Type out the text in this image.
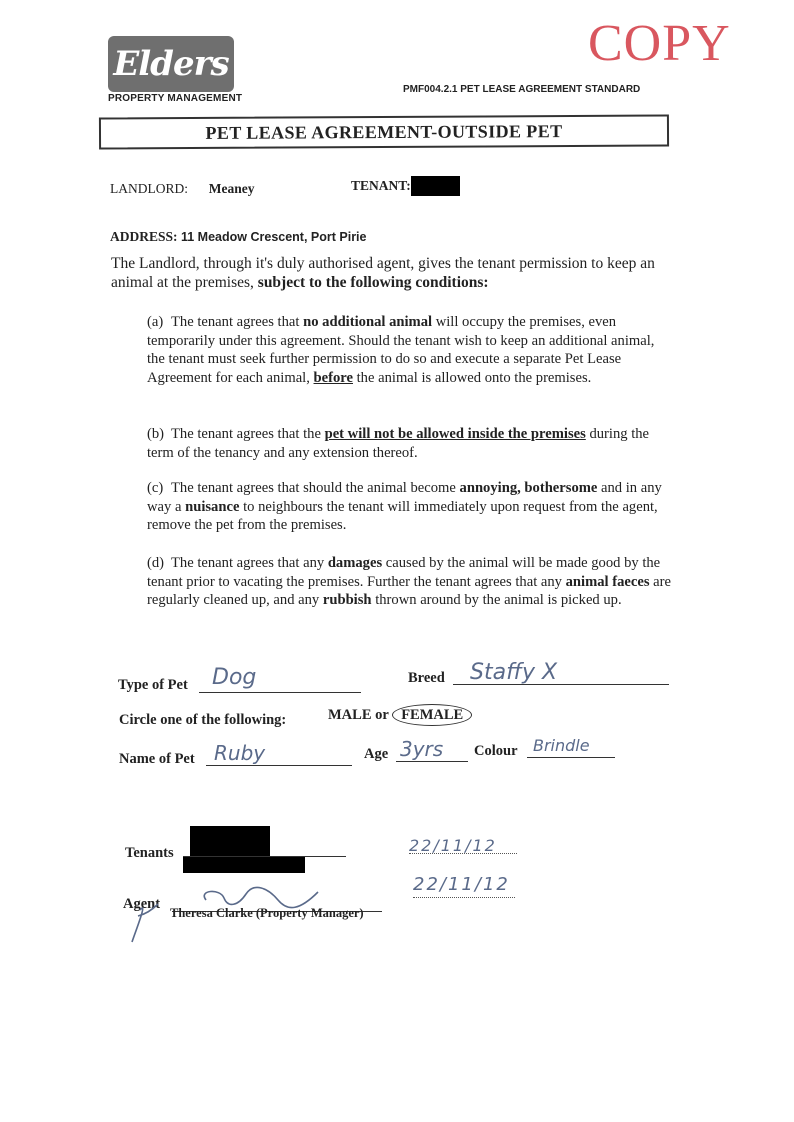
Elders
PROPERTY MANAGEMENT
COPY
PMF004.2.1 PET LEASE AGREEMENT STANDARD
PET LEASE AGREEMENT-OUTSIDE PET
LANDLORD: Meaney	TENANT:
ADDRESS: 11 Meadow Crescent, Port Pirie
The Landlord, through it's duly authorised agent, gives the tenant permission to keep an animal at the premises, subject to the following conditions:
(a) The tenant agrees that no additional animal will occupy the premises, even temporarily under this agreement. Should the tenant wish to keep an additional animal, the tenant must seek further permission to do so and execute a separate Pet Lease Agreement for each animal, before the animal is allowed onto the premises.
(b) The tenant agrees that the pet will not be allowed inside the premises during the term of the tenancy and any extension thereof.
(c) The tenant agrees that should the animal become annoying, bothersome and in any way a nuisance to neighbours the tenant will immediately upon request from the agent, remove the pet from the premises.
(d) The tenant agrees that any damages caused by the animal will be made good by the tenant prior to vacating the premises. Further the tenant agrees that any animal faeces are regularly cleaned up, and any rubbish thrown around by the animal is picked up.
Type of Pet Dog	Breed Staffy X
Circle one of the following:	MALE or FEMALE
Name of Pet Ruby	Age 3yrs Colour Brindle
Tenants	22/11/12
Agent
Theresa Clarke (Property Manager)
22/11/12
